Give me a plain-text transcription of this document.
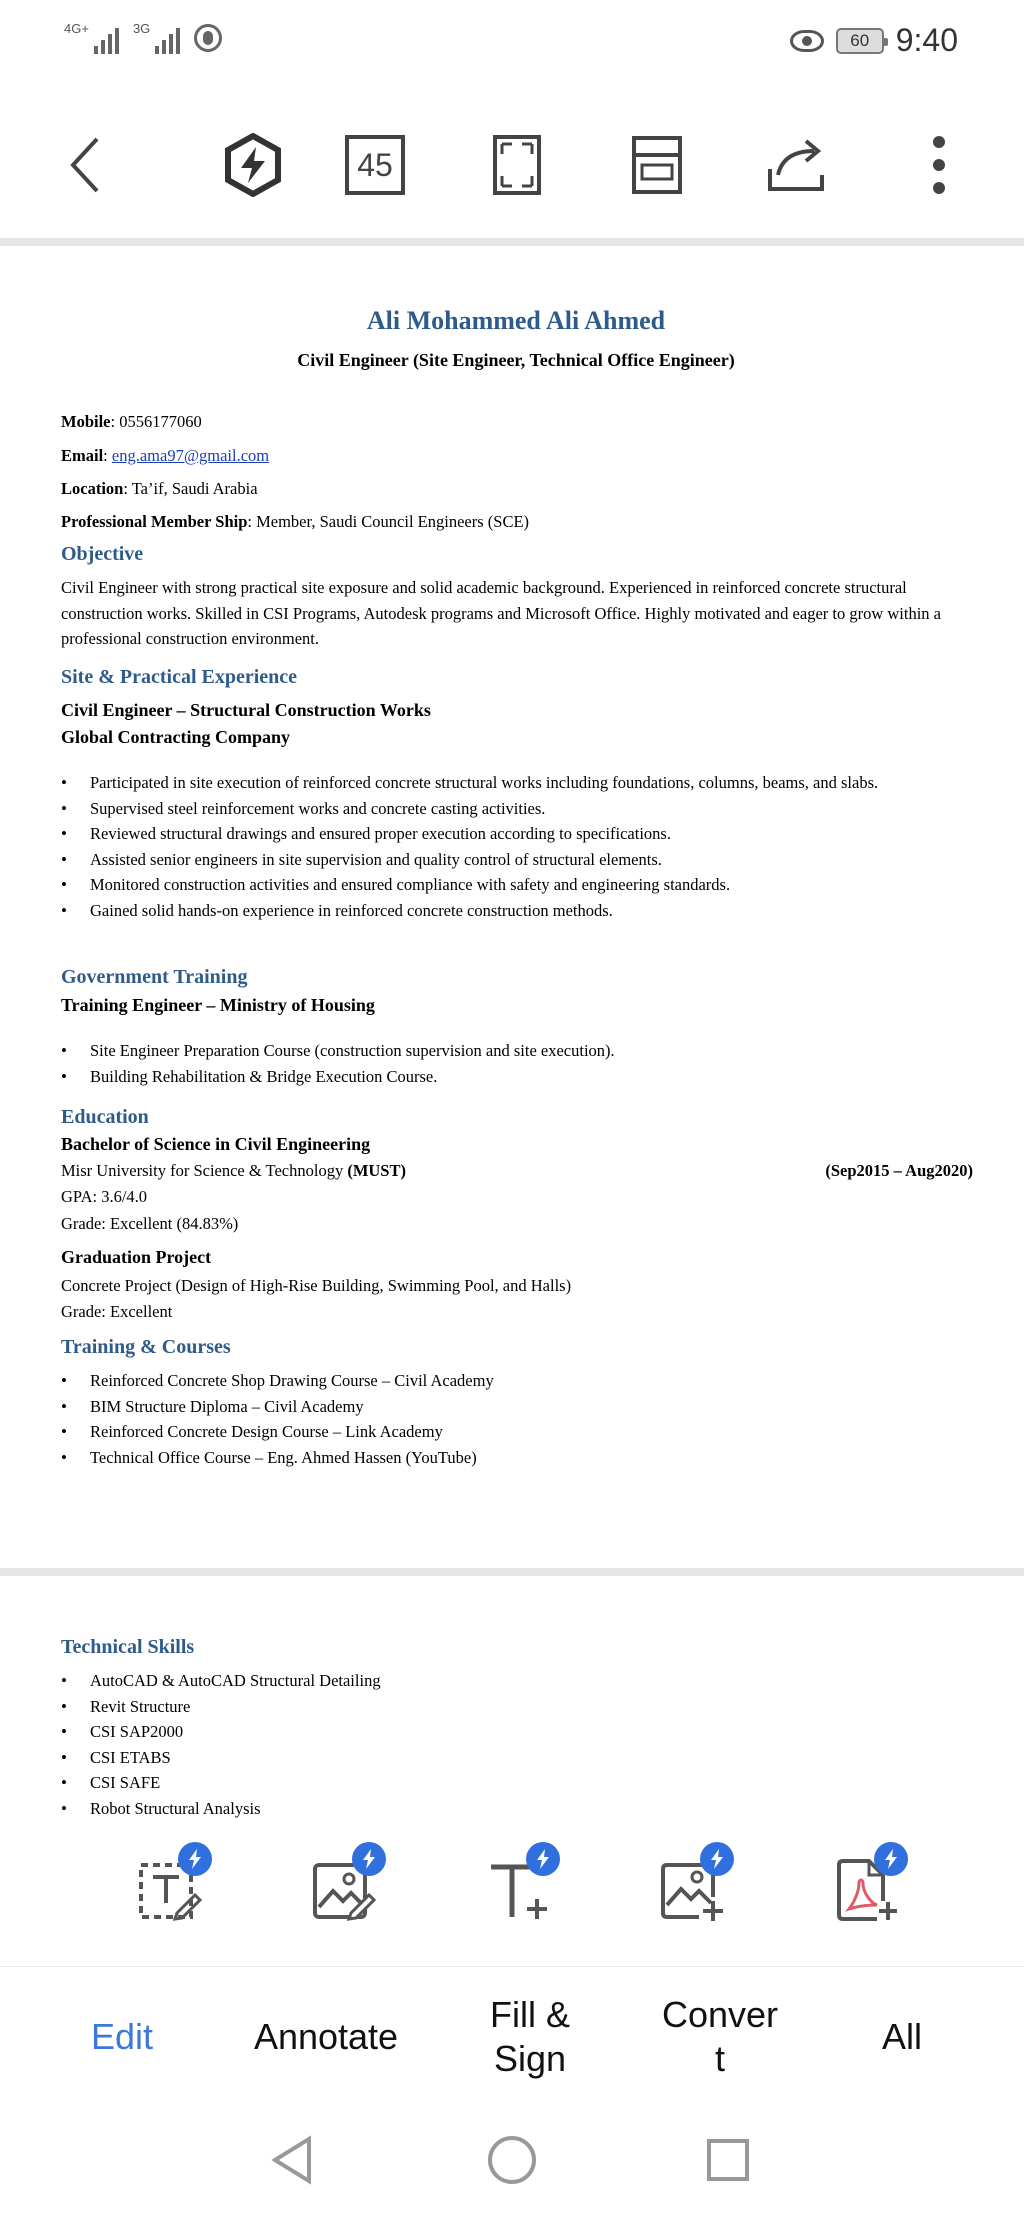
4G+	3G
60 9:40
45
Ali Mohammed Ali Ahmed
Civil Engineer (Site Engineer, Technical Office Engineer)
Mobile: 0556177060
Email: eng.ama97@gmail.com
Location: Ta’if, Saudi Arabia
Professional Member Ship: Member, Saudi Council Engineers (SCE)
Objective
Civil Engineer with strong practical site exposure and solid academic background. Experienced in reinforced concrete structural construction works. Skilled in CSI Programs, Autodesk programs and Microsoft Office. Highly motivated and eager to grow within a professional construction environment.
Site & Practical Experience
Civil Engineer – Structural Construction Works
Global Contracting Company
• Participated in site execution of reinforced concrete structural works including foundations, columns, beams, and slabs.
• Supervised steel reinforcement works and concrete casting activities.
• Reviewed structural drawings and ensured proper execution according to specifications.
• Assisted senior engineers in site supervision and quality control of structural elements.
• Monitored construction activities and ensured compliance with safety and engineering standards.
• Gained solid hands-on experience in reinforced concrete construction methods.
Government Training
Training Engineer – Ministry of Housing
• Site Engineer Preparation Course (construction supervision and site execution).
• Building Rehabilitation & Bridge Execution Course.
Education
Bachelor of Science in Civil Engineering
Misr University for Science & Technology (MUST)	(Sep2015 – Aug2020)
GPA: 3.6/4.0
Grade: Excellent (84.83%)
Graduation Project
Concrete Project (Design of High-Rise Building, Swimming Pool, and Halls)
Grade: Excellent
Training & Courses
• Reinforced Concrete Shop Drawing Course – Civil Academy
• BIM Structure Diploma – Civil Academy
• Reinforced Concrete Design Course – Link Academy
• Technical Office Course – Eng. Ahmed Hassen (YouTube)
Technical Skills
• AutoCAD & AutoCAD Structural Detailing
• Revit Structure
• CSI SAP2000
• CSI ETABS
• CSI SAFE
• Robot Structural Analysis
Edit	Annotate
Fill &
Sign
Conver
t
All
